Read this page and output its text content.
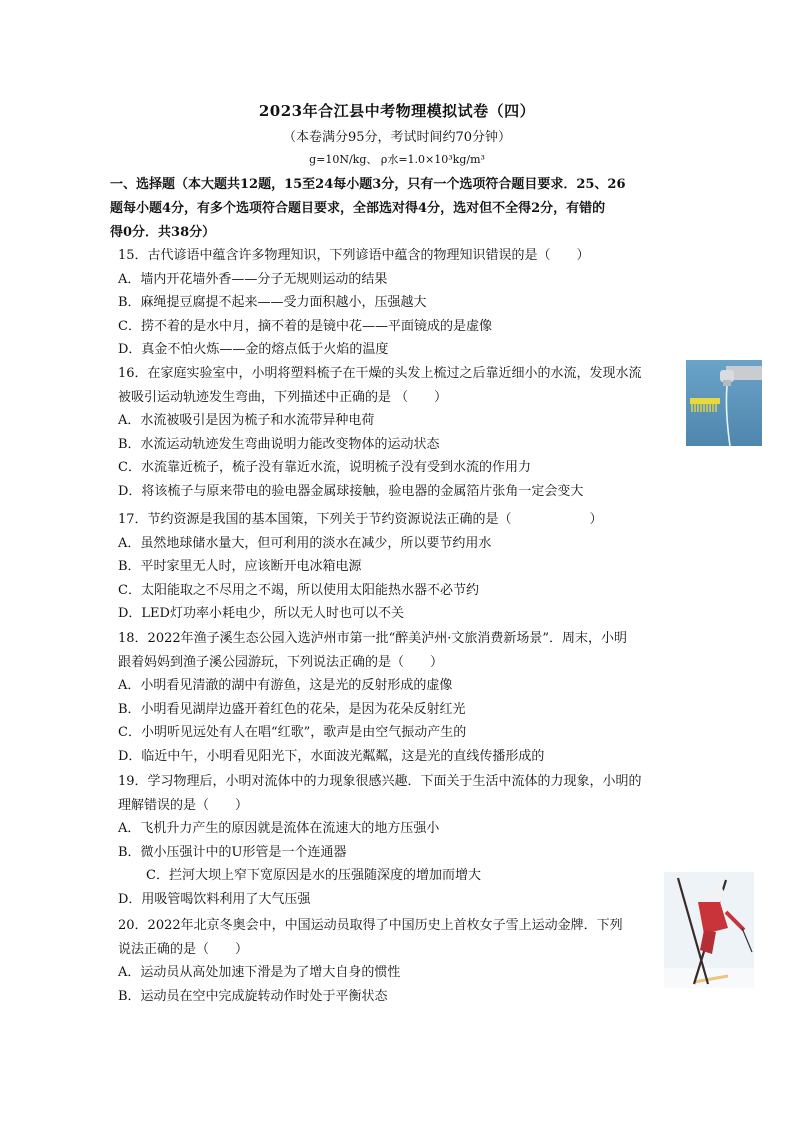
2023年合江县中考物理模拟试卷（四）
（本卷满分95分，考试时间约70分钟）
g=10N/kg、 ρ水=1.0×10³kg/m³
一、选择题（本大题共12题，15至24每小题3分，只有一个选项符合题目要求．25、26
题每小题4分，有多个选项符合题目要求，全部选对得4分，选对但不全得2分，有错的
得0分．共38分）
15．古代谚语中蕴含许多物理知识，下列谚语中蕴含的物理知识错误的是（　　）
A．墙内开花墙外香——分子无规则运动的结果
B．麻绳提豆腐提不起来——受力面积越小，压强越大
C．捞不着的是水中月，摘不着的是镜中花——平面镜成的是虚像
D．真金不怕火炼——金的熔点低于火焰的温度
16．在家庭实验室中，小明将塑料梳子在干燥的头发上梳过之后靠近细小的水流，发现水流
被吸引运动轨迹发生弯曲，下列描述中正确的是 （　　）
A．水流被吸引是因为梳子和水流带异种电荷
B．水流运动轨迹发生弯曲说明力能改变物体的运动状态
C．水流靠近梳子，梳子没有靠近水流，说明梳子没有受到水流的作用力
D．将该梳子与原来带电的验电器金属球接触，验电器的金属箔片张角一定会变大
17．节约资源是我国的基本国策，下列关于节约资源说法正确的是（　　　　　　）
A．虽然地球储水量大，但可利用的淡水在减少，所以要节约用水
B．平时家里无人时，应该断开电冰箱电源
C．太阳能取之不尽用之不竭，所以使用太阳能热水器不必节约
D．LED灯功率小耗电少，所以无人时也可以不关
18．2022年渔子溪生态公园入选泸州市第一批“醉美泸州·文旅消费新场景”．周末，小明
跟着妈妈到渔子溪公园游玩，下列说法正确的是（　　）
A．小明看见清澈的湖中有游鱼，这是光的反射形成的虚像
B．小明看见湖岸边盛开着红色的花朵，是因为花朵反射红光
C．小明听见远处有人在唱“红歌”，歌声是由空气振动产生的
D．临近中午，小明看见阳光下，水面波光粼粼，这是光的直线传播形成的
19．学习物理后，小明对流体中的力现象很感兴趣．下面关于生活中流体的力现象，小明的
理解错误的是（　　）
A．飞机升力产生的原因就是流体在流速大的地方压强小
B．微小压强计中的U形管是一个连通器
C．拦河大坝上窄下宽原因是水的压强随深度的增加而增大
D．用吸管喝饮料利用了大气压强
20．2022年北京冬奥会中，中国运动员取得了中国历史上首枚女子雪上运动金牌．下列
说法正确的是（　　）
A．运动员从高处加速下滑是为了增大自身的惯性
B．运动员在空中完成旋转动作时处于平衡状态
